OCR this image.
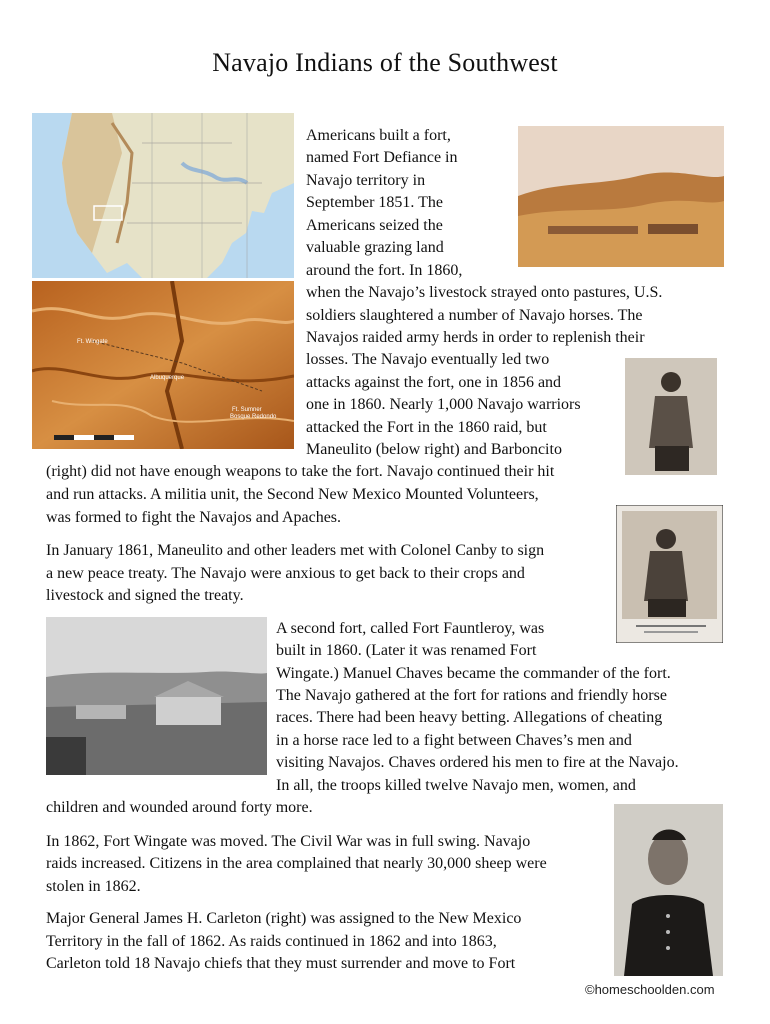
Navajo Indians of the Southwest
Albuquerque
Ft. Wingate
Ft. Sumner
Bosque Redondo
Americans built a fort,
named Fort Defiance in
Navajo territory in
September 1851. The
Americans seized the
valuable grazing land
around the fort. In 1860,
when the Navajo’s livestock strayed onto pastures, U.S.
soldiers slaughtered a number of Navajo horses. The
Navajos raided army herds in order to replenish their
losses. The Navajo eventually led two
attacks against the fort, one in 1856 and
one in 1860. Nearly 1,000 Navajo warriors
attacked the Fort in the 1860 raid, but
Maneulito (below right) and Barboncito
(right) did not have enough weapons to take the fort. Navajo continued their hit
and run attacks. A militia unit, the Second New Mexico Mounted Volunteers,
was formed to fight the Navajos and Apaches.
In January 1861, Maneulito and other leaders met with Colonel Canby to sign
a new peace treaty. The Navajo were anxious to get back to their crops and
livestock and signed the treaty.
A second fort, called Fort Fauntleroy, was
built in 1860. (Later it was renamed Fort
Wingate.) Manuel Chaves became the commander of the fort.
The Navajo gathered at the fort for rations and friendly horse
races. There had been heavy betting. Allegations of cheating
in a horse race led to a fight between Chaves’s men and
visiting Navajos. Chaves ordered his men to fire at the Navajo.
In all, the troops killed twelve Navajo men, women, and
children and wounded around forty more.
In 1862, Fort Wingate was moved. The Civil War was in full swing. Navajo
raids increased. Citizens in the area complained that nearly 30,000 sheep were
stolen in 1862.
Major General James H. Carleton (right) was assigned to the New Mexico
Territory in the fall of 1862. As raids continued in 1862 and into 1863,
Carleton told 18 Navajo chiefs that they must surrender and move to Fort
©homeschoolden.com
